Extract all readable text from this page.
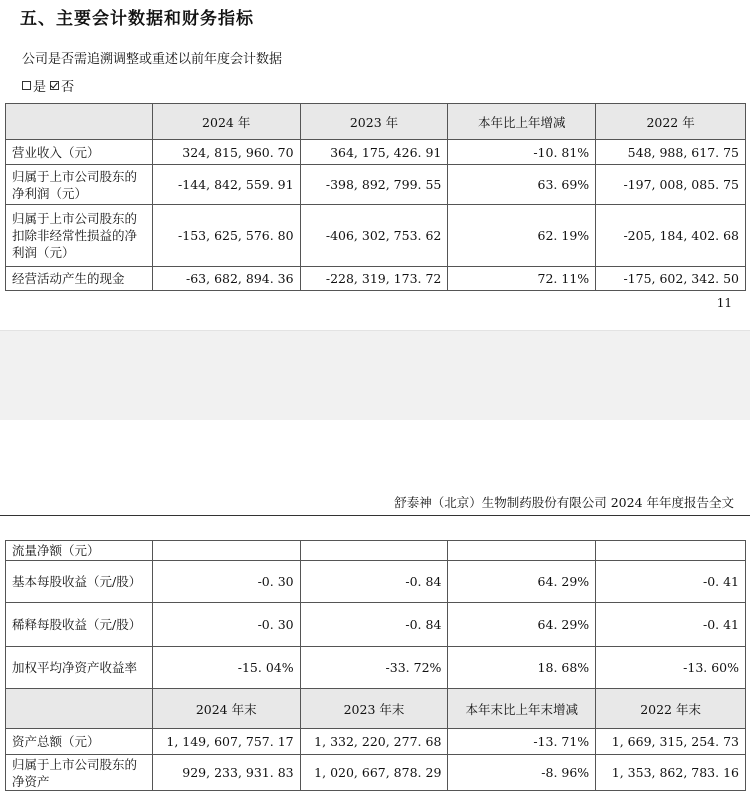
五、主要会计数据和财务指标
公司是否需追溯调整或重述以前年度会计数据
是 否
	2024 年	2023 年	本年比上年增减	2022 年
营业收入（元）	324, 815, 960. 70	364, 175, 426. 91	-10. 81%	548, 988, 617. 75
归属于上市公司股东的净利润（元）	-144, 842, 559. 91	-398, 892, 799. 55	63. 69%	-197, 008, 085. 75
归属于上市公司股东的扣除非经常性损益的净利润（元）	-153, 625, 576. 80	-406, 302, 753. 62	62. 19%	-205, 184, 402. 68
经营活动产生的现金	-63, 682, 894. 36	-228, 319, 173. 72	72. 11%	-175, 602, 342. 50
11
舒泰神（北京）生物制药股份有限公司 2024 年年度报告全文
流量净额（元）				
基本每股收益（元/股）	-0. 30	-0. 84	64. 29%	-0. 41
稀释每股收益（元/股）	-0. 30	-0. 84	64. 29%	-0. 41
加权平均净资产收益率	-15. 04%	-33. 72%	18. 68%	-13. 60%
	2024 年末	2023 年末	本年末比上年末增减	2022 年末
资产总额（元）	1, 149, 607, 757. 17	1, 332, 220, 277. 68	-13. 71%	1, 669, 315, 254. 73
归属于上市公司股东的净资产	929, 233, 931. 83	1, 020, 667, 878. 29	-8. 96%	1, 353, 862, 783. 16
